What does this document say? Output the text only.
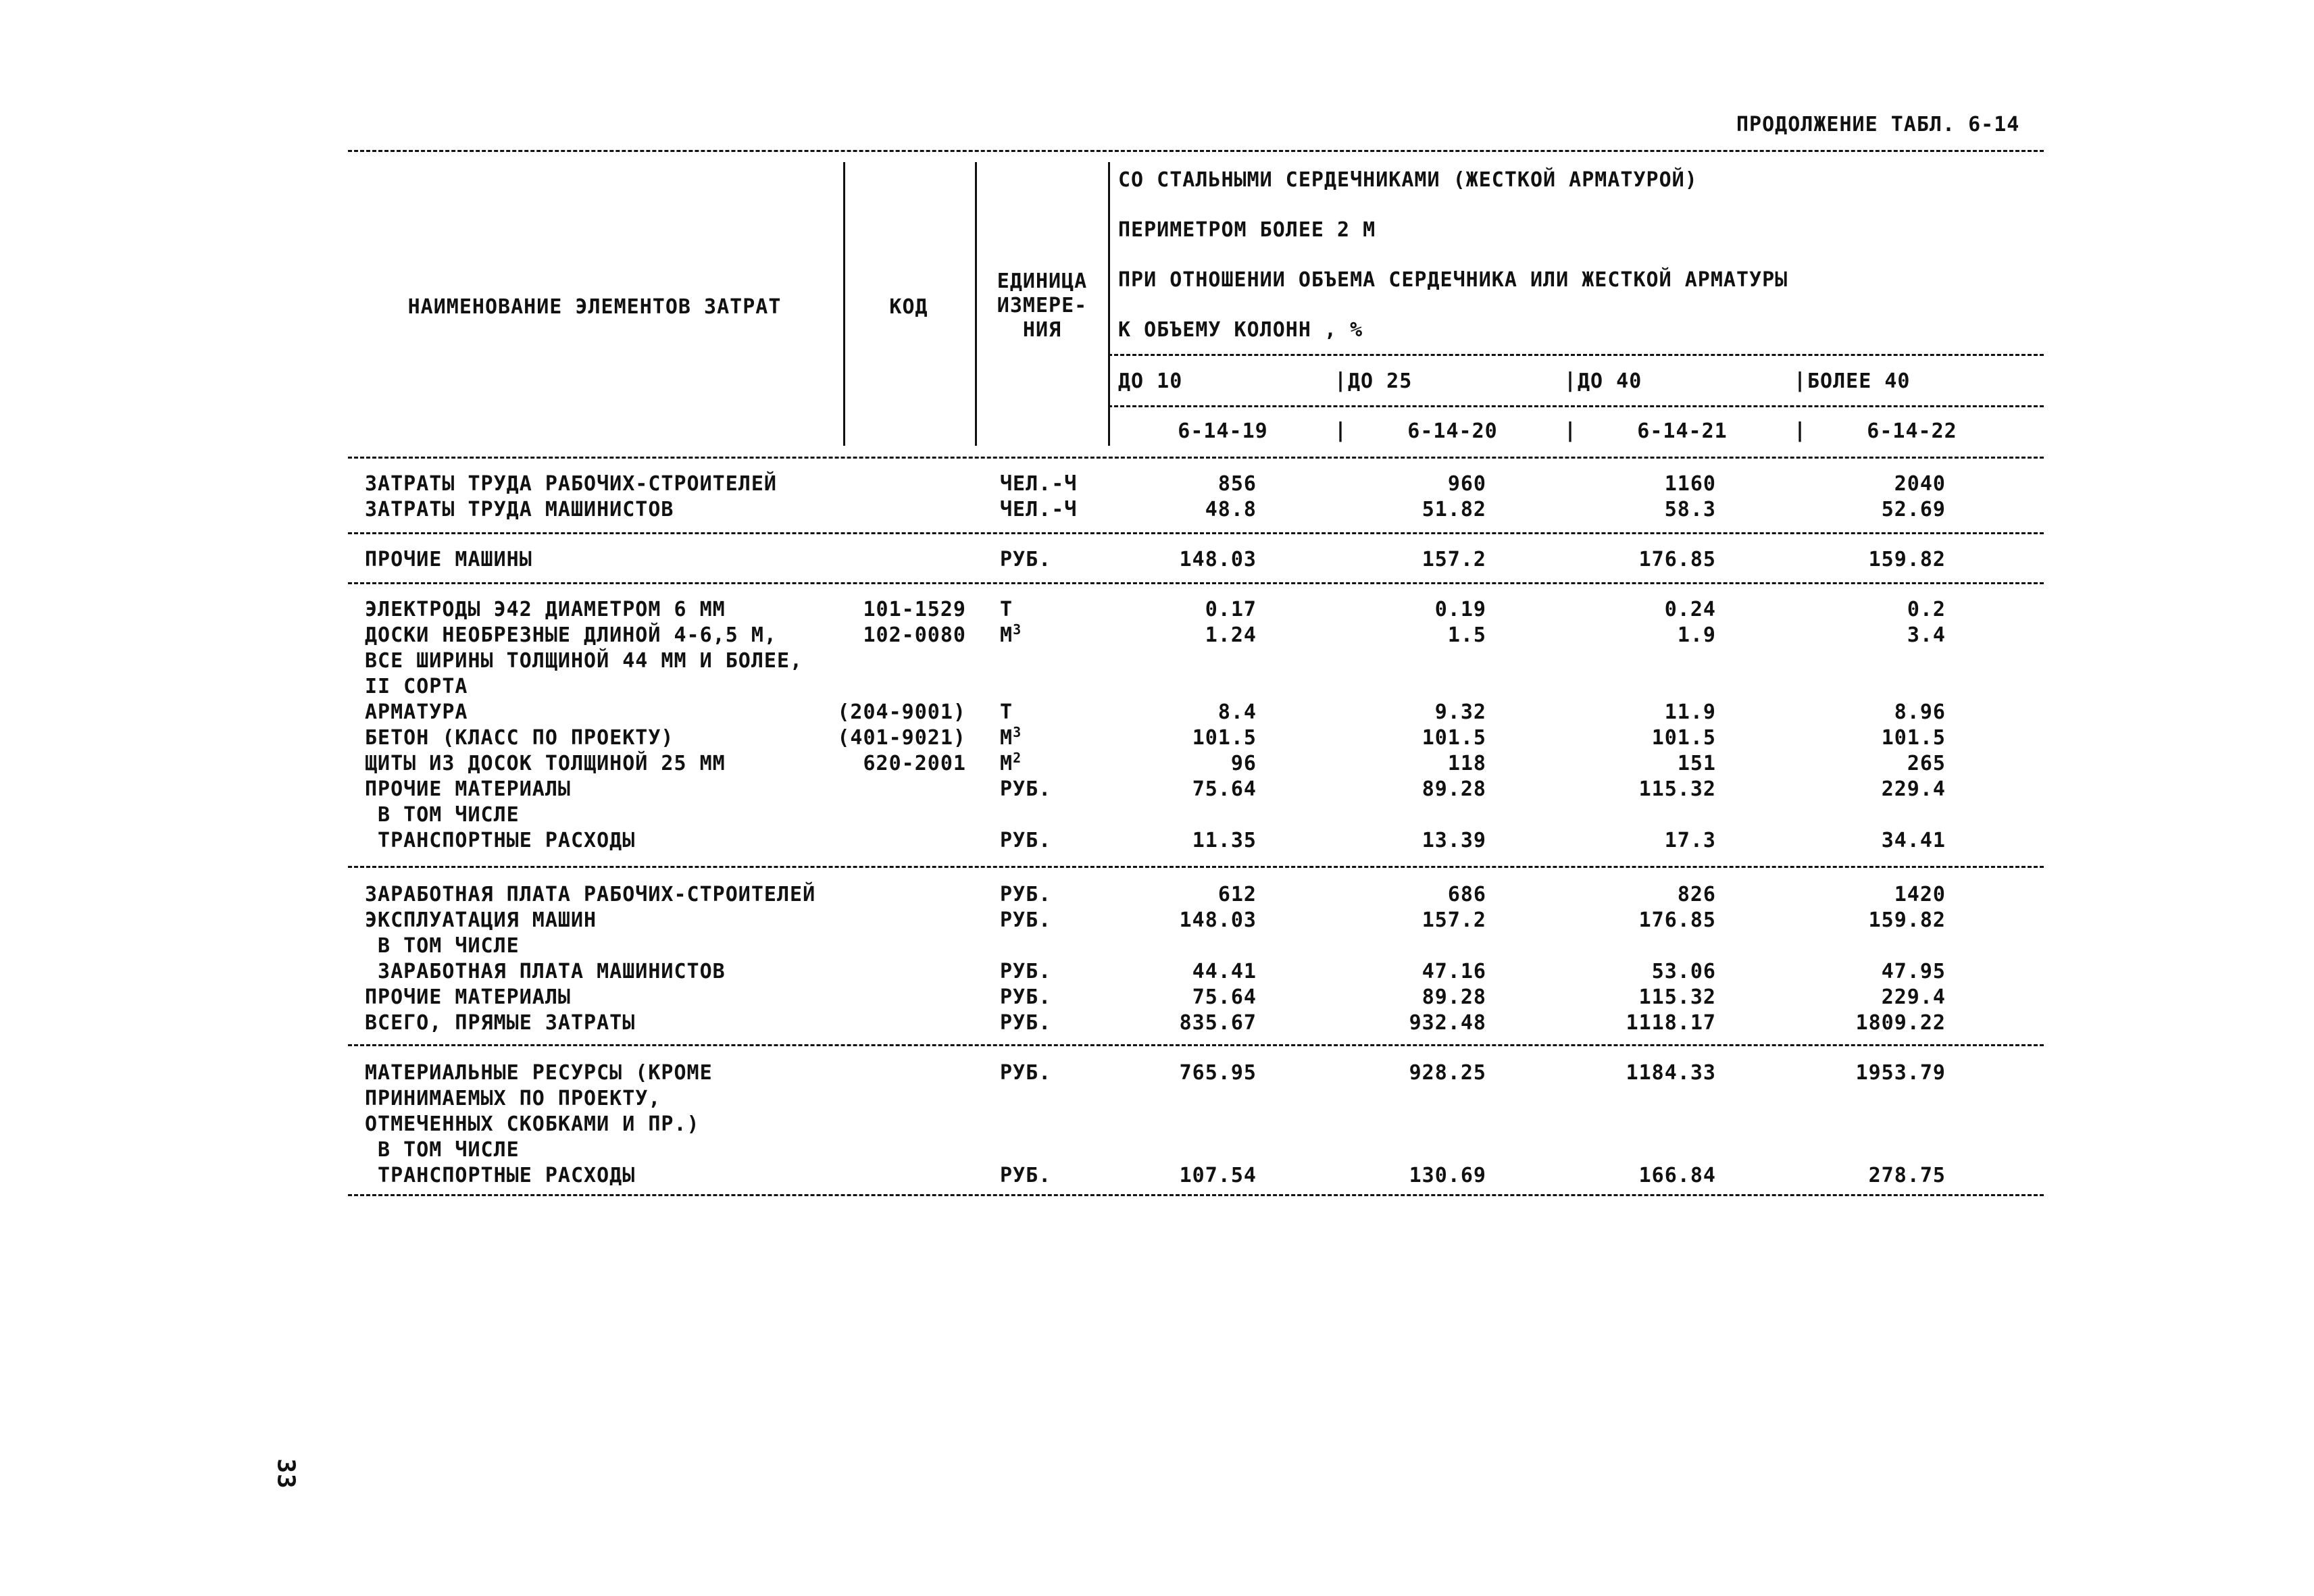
ПРОДОЛЖЕНИЕ ТАБЛ. 6-14
НАИМЕНОВАНИЕ ЭЛЕМЕНТОВ ЗАТРАТ	КОД
ЕДИНИЦА
ИЗМЕРЕ-
НИЯ
СО СТАЛЬНЫМИ СЕРДЕЧНИКАМИ (ЖЕСТКОЙ АРМАТУРОЙ)
ПЕРИМЕТРОМ БОЛЕЕ 2 М
ПРИ ОТНОШЕНИИ ОБЪЕМА СЕРДЕЧНИКА ИЛИ ЖЕСТКОЙ АРМАТУРЫ
К ОБЪЕМУ КОЛОНН , %
ДО 10	| ДО 25	| ДО 40	| БОЛЕЕ 40
6-14-19	|	6-14-20	|	6-14-21	|	6-14-22
ЗАТРАТЫ ТРУДА РАБОЧИХ-СТРОИТЕЛЕЙ	ЧЕЛ.-Ч	856	960	1160	2040
ЗАТРАТЫ ТРУДА МАШИНИСТОВ	ЧЕЛ.-Ч	48.8	51.82	58.3	52.69
ПРОЧИЕ МАШИНЫ	РУБ.	148.03	157.2	176.85	159.82
ЭЛЕКТРОДЫ Э42 ДИАМЕТРОМ 6 ММ	101-1529 Т	0.17	0.19	0.24	0.2
ДОСКИ НЕОБРЕЗНЫЕ ДЛИНОЙ 4-6,5 М,	102-0080 $М^3$	1.24	1.5	1.9	3.4
ВСЕ ШИРИНЫ ТОЛЩИНОЙ 44 ММ И БОЛЕЕ,
II СОРТА
АРМАТУРА	(204-9001) Т	8.4	9.32	11.9	8.96
БЕТОН (КЛАСС ПО ПРОЕКТУ)	(401-9021) $М^3$	101.5	101.5	101.5	101.5
ЩИТЫ ИЗ ДОСОК ТОЛЩИНОЙ 25 ММ	620-2001 $М^2$	96	118	151	265
ПРОЧИЕ МАТЕРИАЛЫ	РУБ.	75.64	89.28	115.32	229.4
В ТОМ ЧИСЛЕ
ТРАНСПОРТНЫЕ РАСХОДЫ	РУБ.	11.35	13.39	17.3	34.41
ЗАРАБОТНАЯ ПЛАТА РАБОЧИХ-СТРОИТЕЛЕЙ	РУБ.	612	686	826	1420
ЭКСПЛУАТАЦИЯ МАШИН	РУБ.	148.03	157.2	176.85	159.82
В ТОМ ЧИСЛЕ
ЗАРАБОТНАЯ ПЛАТА МАШИНИСТОВ	РУБ.	44.41	47.16	53.06	47.95
ПРОЧИЕ МАТЕРИАЛЫ	РУБ.	75.64	89.28	115.32	229.4
ВСЕГО, ПРЯМЫЕ ЗАТРАТЫ	РУБ.	835.67	932.48	1118.17	1809.22
МАТЕРИАЛЬНЫЕ РЕСУРСЫ (КРОМЕ	РУБ.	765.95	928.25	1184.33	1953.79
ПРИНИМАЕМЫХ ПО ПРОЕКТУ,
ОТМЕЧЕННЫХ СКОБКАМИ И ПР.)
В ТОМ ЧИСЛЕ
ТРАНСПОРТНЫЕ РАСХОДЫ	РУБ.	107.54	130.69	166.84	278.75
33
